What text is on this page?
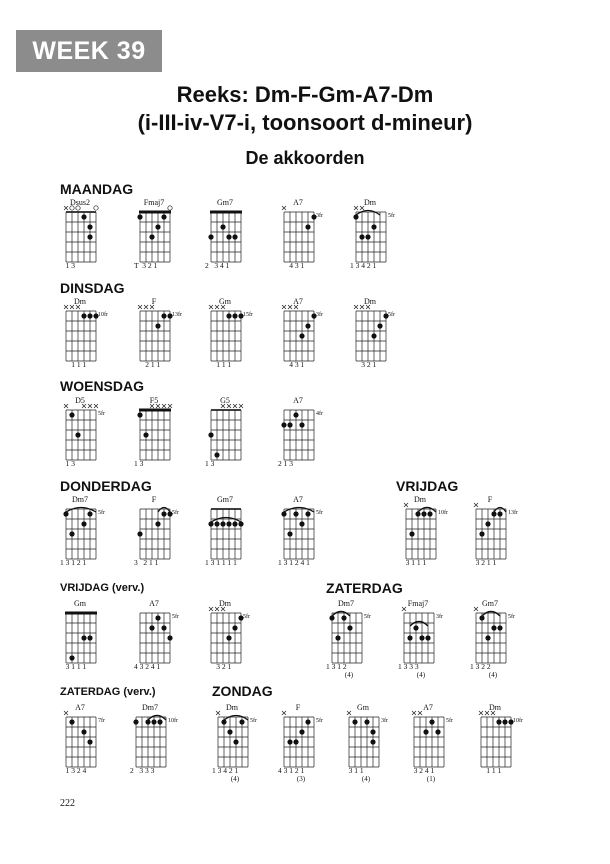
WEEK 39
Reeks: Dm-F-Gm-A7-Dm
(i-III-iv-V7-i, toonsoort d-mineur)
De akkoorden
MAANDAG
DINSDAG
WOENSDAG
DONDERDAG	VRIJDAG
VRIJDAG (verv.)	ZATERDAG
ZATERDAG (verv.)	ZONDAG
Dsus2
1 3
Fmaj7
T  3 2 1
Gm7
2   3 4 1
A7
3fr
4 3 1
Dm
5fr
1 3 4 2 1
Dm
10fr
1 1 1
F
13fr
2 1 1
Gm
15fr
1 1 1
A7
3fr
4 3 1
Dm
5fr
3 2 1
D5
5fr
1 3
F5
1 3
G5
1 3
A7
4fr
2 1 3
Dm7
5fr
1 3 1 2 1
F
5fr
3   2 1 1
Gm7
1 3 1 1 1 1
A7
5fr
1 3 1 2 4 1
Dm
10fr
3 1 1 1
F
13fr
3 2 1 1
Gm
3 1 1 1
A7
5fr
4 3 2 4 1
Dm
5fr
3 2 1
Dm7
5fr
1 3 1 2
(4)
Fmaj7
3fr
1 3 3 3
(4)
Gm7
5fr
1 3 2 2
(4)
A7
7fr
1 3 2 4
Dm7
10fr
2   3 3 3
Dm
5fr
1 3 4 2 1
(4)
F
5fr
4 3 1 2 1
(3)
Gm
3fr
3 1 1
(4)
A7
5fr
3 2 4 1
(1)
Dm
10fr
1 1 1
222
